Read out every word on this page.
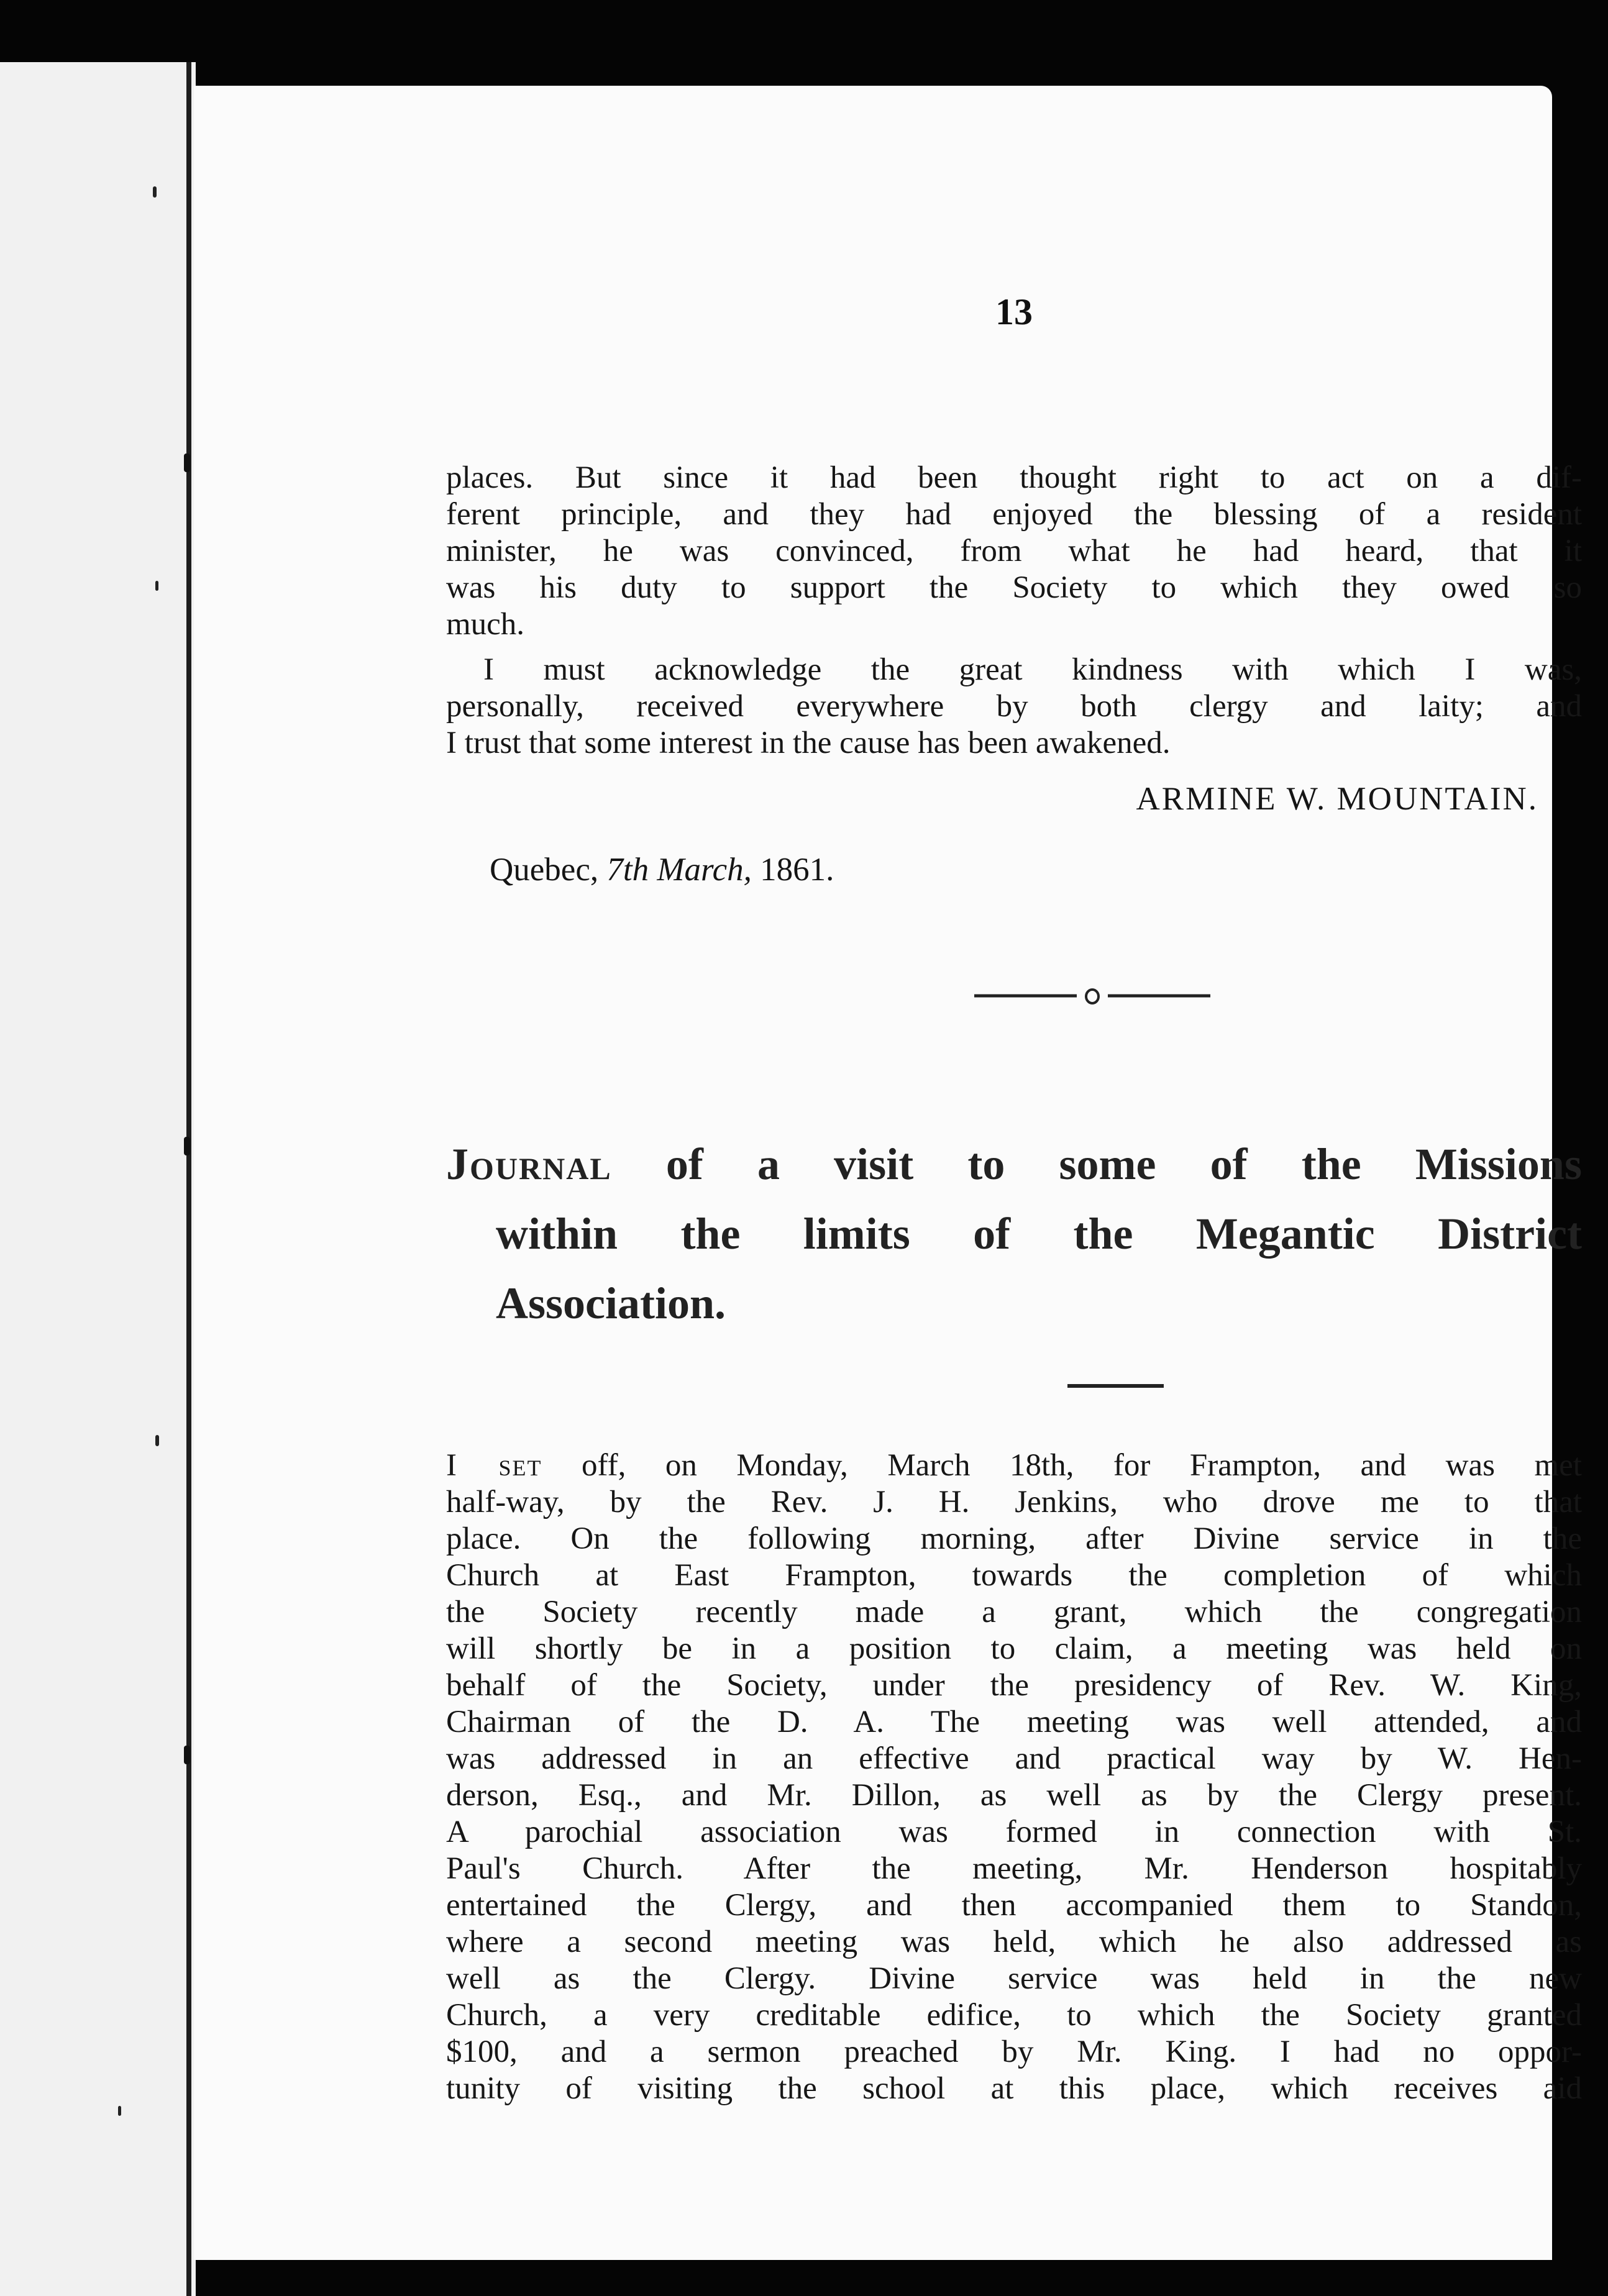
13

places. But since it had been thought right to act on a dif-
ferent principle, and they had enjoyed the blessing of a resident
minister, he was convinced, from what he had heard, that it
was his duty to support the Society to which they owed so
much.
I must acknowledge the great kindness with which I was,
personally, received everywhere by both clergy and laity; and
I trust that some interest in the cause has been awakened.

ARMINE W. MOUNTAIN.

Quebec, 7th March, 1861.

Journal of a visit to some of the Missions
within the limits of the Megantic District
Association.
I set off, on Monday, March 18th, for Frampton, and was met
half-way, by the Rev. J. H. Jenkins, who drove me to that
place. On the following morning, after Divine service in the
Church at East Frampton, towards the completion of which
the Society recently made a grant, which the congregation
will shortly be in a position to claim, a meeting was held on
behalf of the Society, under the presidency of Rev. W. King,
Chairman of the D. A. The meeting was well attended, and
was addressed in an effective and practical way by W. Hen-
derson, Esq., and Mr. Dillon, as well as by the Clergy present.
A parochial association was formed in connection with St.
Paul's Church. After the meeting, Mr. Henderson hospitably
entertained the Clergy, and then accompanied them to Standon,
where a second meeting was held, which he also addressed as
well as the Clergy. Divine service was held in the new
Church, a very creditable edifice, to which the Society granted
$100, and a sermon preached by Mr. King. I had no oppor-
tunity of visiting the school at this place, which receives aid
